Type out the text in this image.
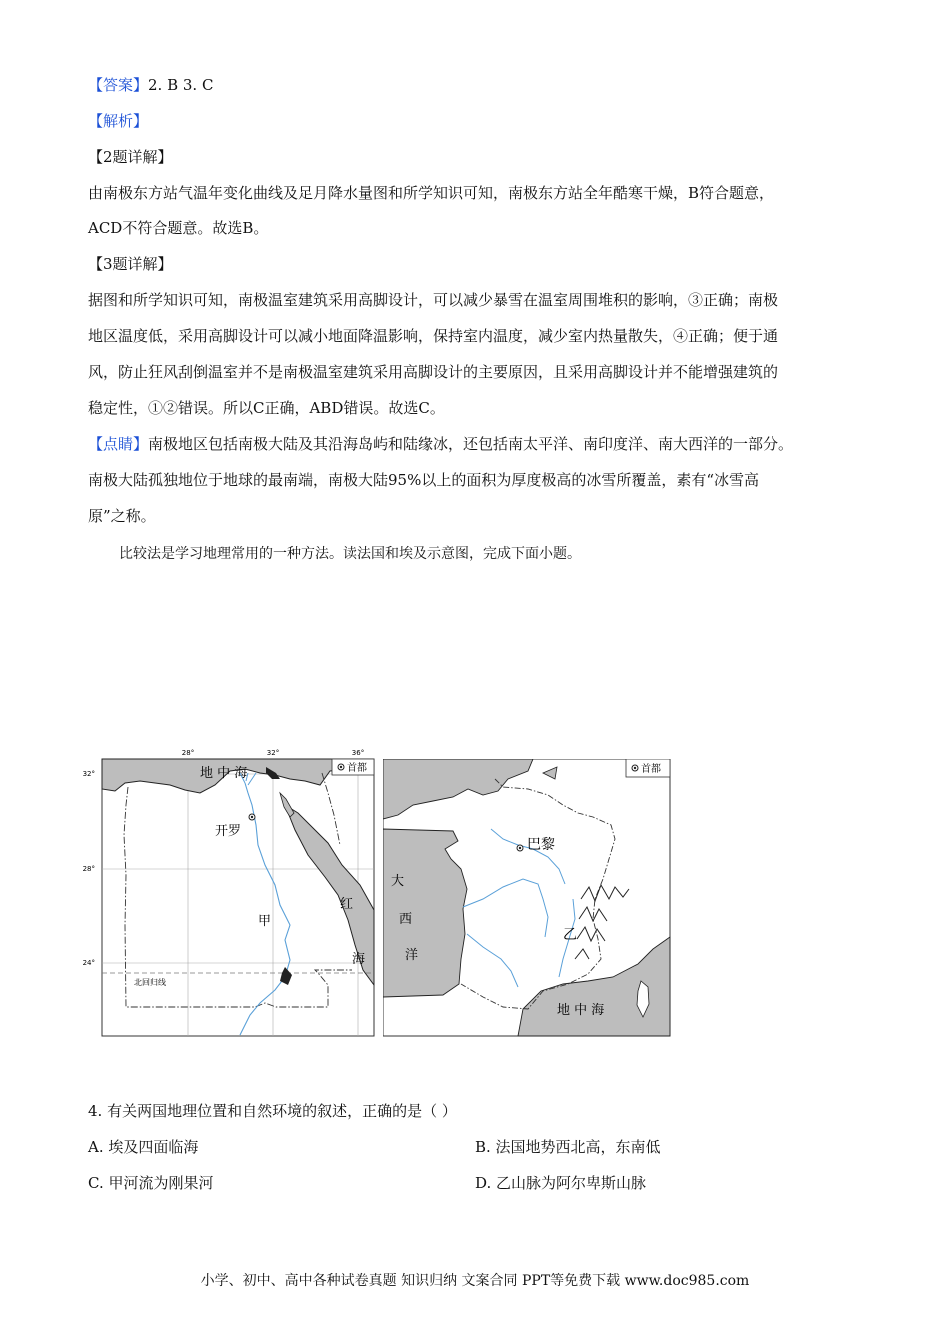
【答案】2. B 3. C
【解析】
【2题详解】
由南极东方站气温年变化曲线及足月降水量图和所学知识可知，南极东方站全年酷寒干燥，B符合题意，
ACD不符合题意。故选B。
【3题详解】
据图和所学知识可知，南极温室建筑采用高脚设计，可以减少暴雪在温室周围堆积的影响，③正确；南极
地区温度低，采用高脚设计可以减小地面降温影响，保持室内温度，减少室内热量散失，④正确；便于通
风，防止狂风刮倒温室并不是南极温室建筑采用高脚设计的主要原因，且采用高脚设计并不能增强建筑的
稳定性，①②错误。所以C正确，ABD错误。故选C。
【点睛】南极地区包括南极大陆及其沿海岛屿和陆缘冰，还包括南太平洋、南印度洋、南大西洋的一部分。
南极大陆孤独地位于地球的最南端，南极大陆95%以上的面积为厚度极高的冰雪所覆盖，素有“冰雪高
原”之称。
比较法是学习地理常用的一种方法。读法国和埃及示意图，完成下面小题。
28°	32°	36°
32°
28°
24°
北回归线
开罗
地 中 海
甲
红
海
首都
巴黎
大
西
洋
乙
地 中 海
首都
4. 有关两国地理位置和自然环境的叙述，正确的是（ ）
A. 埃及四面临海	B. 法国地势西北高，东南低
C. 甲河流为刚果河	D. 乙山脉为阿尔卑斯山脉
小学、初中、高中各种试卷真题 知识归纳 文案合同 PPT等免费下载 www.doc985.com
